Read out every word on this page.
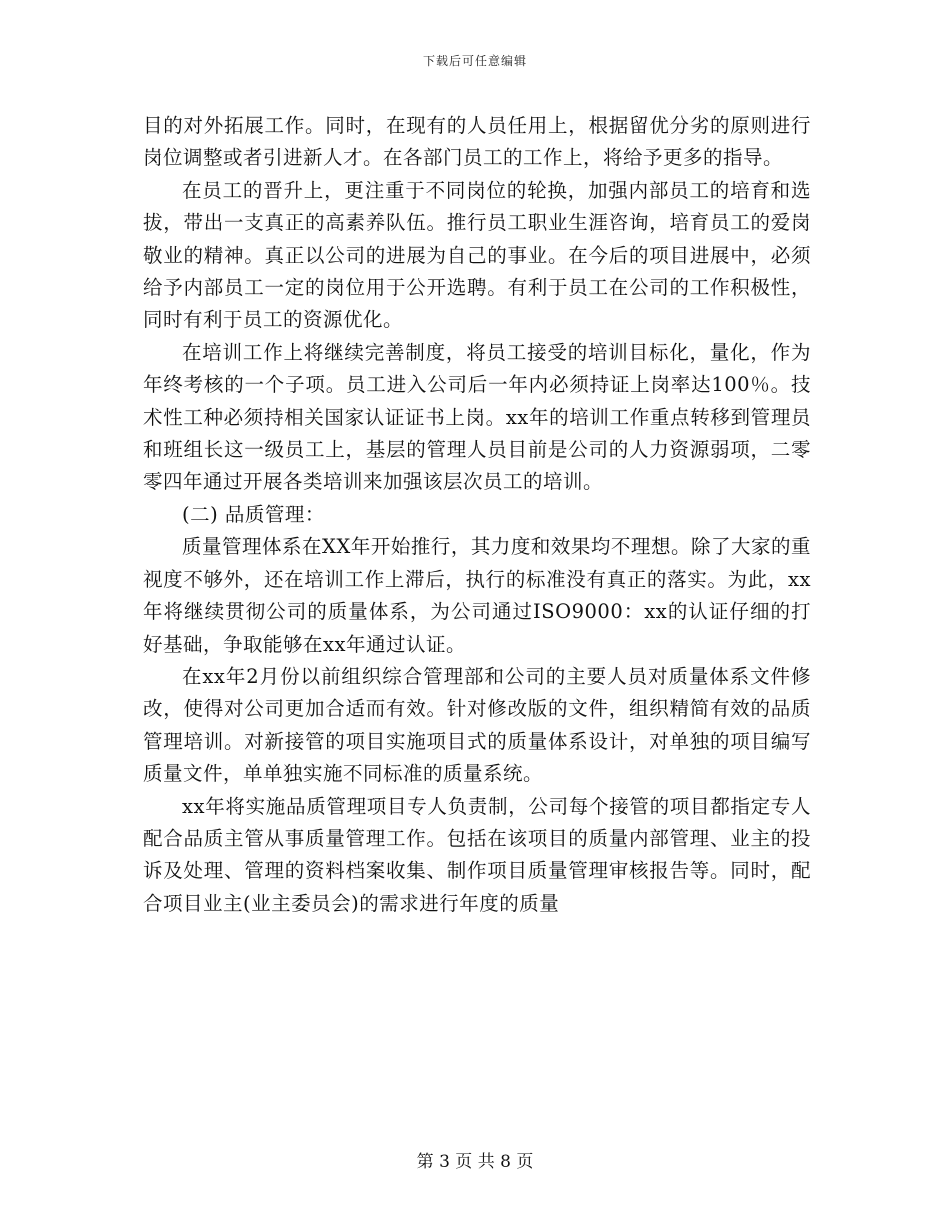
下载后可任意编辑

目的对外拓展工作。同时，在现有的人员任用上，根据留优分劣的原则进行岗位调整或者引进新人才。在各部门员工的工作上，将给予更多的指导。

在员工的晋升上，更注重于不同岗位的轮换，加强内部员工的培育和选拔，带出一支真正的高素养队伍。推行员工职业生涯咨询，培育员工的爱岗敬业的精神。真正以公司的进展为自己的事业。在今后的项目进展中，必须给予内部员工一定的岗位用于公开选聘。有利于员工在公司的工作积极性，同时有利于员工的资源优化。

在培训工作上将继续完善制度，将员工接受的培训目标化，量化，作为年终考核的一个子项。员工进入公司后一年内必须持证上岗率达100％。技术性工种必须持相关国家认证证书上岗。xx年的培训工作重点转移到管理员和班组长这一级员工上，基层的管理人员目前是公司的人力资源弱项，二零零四年通过开展各类培训来加强该层次员工的培训。

(二) 品质管理：

质量管理体系在XX年开始推行，其力度和效果均不理想。除了大家的重视度不够外，还在培训工作上滞后，执行的标准没有真正的落实。为此，xx年将继续贯彻公司的质量体系，为公司通过ISO9000：xx的认证仔细的打好基础，争取能够在xx年通过认证。

在xx年2月份以前组织综合管理部和公司的主要人员对质量体系文件修改，使得对公司更加合适而有效。针对修改版的文件，组织精简有效的品质管理培训。对新接管的项目实施项目式的质量体系设计，对单独的项目编写质量文件，单单独实施不同标准的质量系统。

xx年将实施品质管理项目专人负责制，公司每个接管的项目都指定专人配合品质主管从事质量管理工作。包括在该项目的质量内部管理、业主的投诉及处理、管理的资料档案收集、制作项目质量管理审核报告等。同时，配合项目业主(业主委员会)的需求进行年度的质量

第 3 页 共 8 页
